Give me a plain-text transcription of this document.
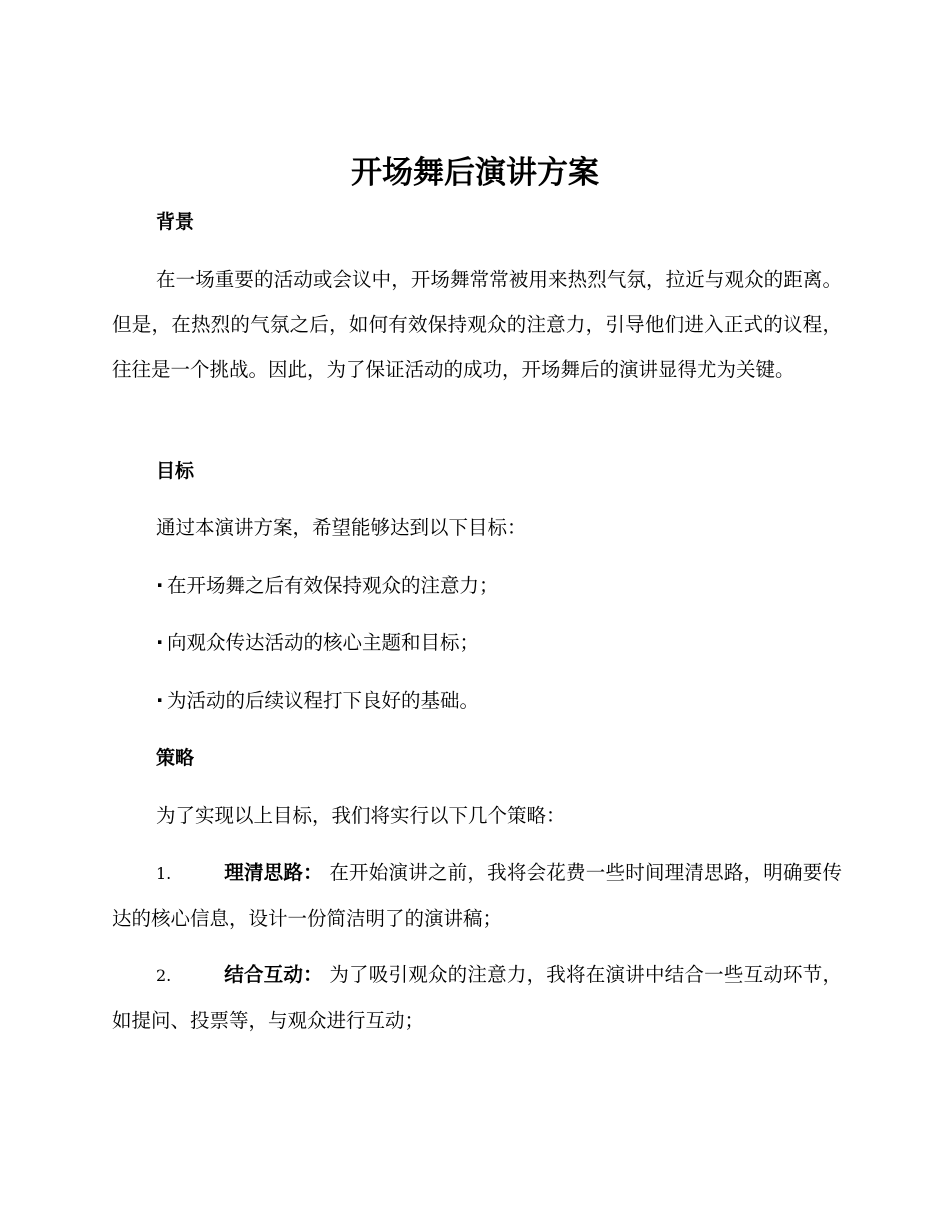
开场舞后演讲方案
背景

在一场重要的活动或会议中，开场舞常常被用来热烈气氛，拉近与观众的距离。但是，在热烈的气氛之后，如何有效保持观众的注意力，引导他们进入正式的议程，往往是一个挑战。因此，为了保证活动的成功，开场舞后的演讲显得尤为关键。

目标

通过本演讲方案，希望能够达到以下目标：

· 在开场舞之后有效保持观众的注意力；

· 向观众传达活动的核心主题和目标；

· 为活动的后续议程打下良好的基础。

策略

为了实现以上目标，我们将实行以下几个策略：

1.	理清思路： 在开始演讲之前，我将会花费一些时间理清思路，明确要传达的核心信息，设计一份简洁明了的演讲稿；

2.	结合互动： 为了吸引观众的注意力，我将在演讲中结合一些互动环节，如提问、投票等，与观众进行互动；
